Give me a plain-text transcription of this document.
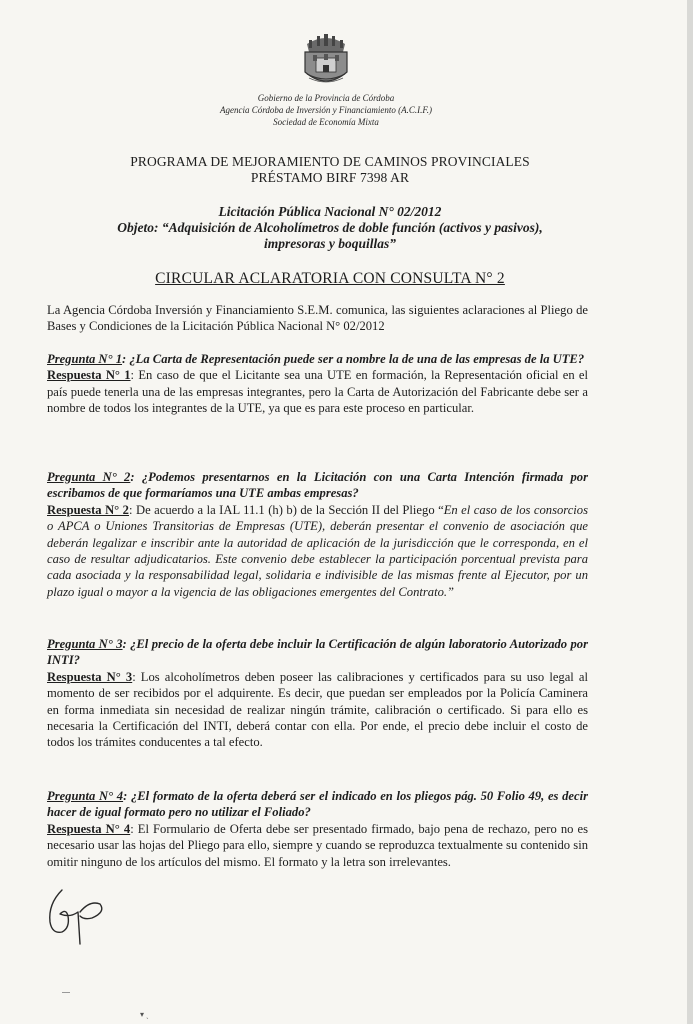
Gobierno de la Provincia de Córdoba
Agencia Córdoba de Inversión y Financiamiento (A.C.I.F.)
Sociedad de Economía Mixta
PROGRAMA DE MEJORAMIENTO DE CAMINOS PROVINCIALES
PRÉSTAMO BIRF 7398 AR
Licitación Pública Nacional N° 02/2012
Objeto: “Adquisición de Alcoholímetros de doble función (activos y pasivos),
impresoras y boquillas”
CIRCULAR ACLARATORIA CON CONSULTA N° 2

La Agencia Córdoba Inversión y Financiamiento S.E.M. comunica, las siguientes aclaraciones al Pliego de Bases y Condiciones de la Licitación Pública Nacional N° 02/2012

Pregunta N° 1: ¿La Carta de Representación puede ser a nombre la de una de las empresas de la UTE?
Respuesta N° 1: En caso de que el Licitante sea una UTE en formación, la Representación oficial en el país puede tenerla una de las empresas integrantes, pero la Carta de Autorización del Fabricante debe ser a nombre de todos los integrantes de la UTE, ya que es para este proceso en particular.

Pregunta N° 2: ¿Podemos presentarnos en la Licitación con una Carta Intención firmada por escribamos de que formaríamos una UTE ambas empresas?
Respuesta N° 2: De acuerdo a la IAL 11.1 (h) b) de la Sección II del Pliego “En el caso de los consorcios o APCA o Uniones Transitorias de Empresas (UTE), deberán presentar el convenio de asociación que deberán legalizar e inscribir ante la autoridad de aplicación de la jurisdicción que le corresponda, en el caso de resultar adjudicatarios. Este convenio debe establecer la participación porcentual prevista para cada asociada y la responsabilidad legal, solidaria e indivisible de las mismas frente al Ejecutor, por un plazo igual o mayor a la vigencia de las obligaciones emergentes del Contrato.”

Pregunta N° 3: ¿El precio de la oferta debe incluir la Certificación de algún laboratorio Autorizado por INTI?
Respuesta N° 3: Los alcoholímetros deben poseer las calibraciones y certificados para su uso legal al momento de ser recibidos por el adquirente. Es decir, que puedan ser empleados por la Policía Caminera en forma inmediata sin necesidad de realizar ningún trámite, calibración o certificado. Si para ello es necesaria la Certificación del INTI, deberá contar con ella. Por ende, el precio debe incluir el costo de todos los trámites conducentes a tal efecto.

Pregunta N° 4: ¿El formato de la oferta deberá ser el indicado en los pliegos pág. 50 Folio 49, es decir hacer de igual formato pero no utilizar el Foliado?
Respuesta N° 4: El Formulario de Oferta debe ser presentado firmado, bajo pena de rechazo, pero no es necesario usar las hojas del Pliego para ello, siempre y cuando se reproduzca textualmente su contenido sin omitir ninguno de los artículos del mismo. El formato y la letra son irrelevantes.

▾ ˏ
